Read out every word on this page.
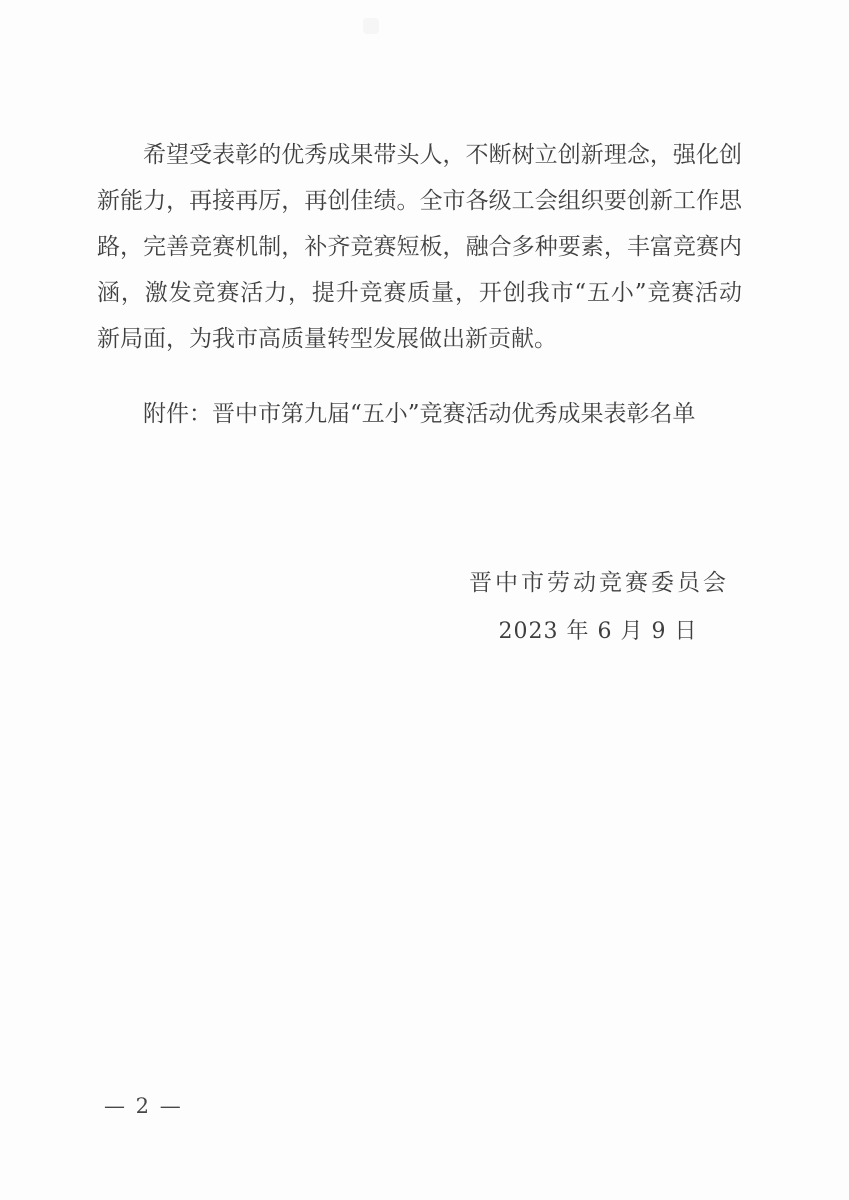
希望受表彰的优秀成果带头人，不断树立创新理念，强化创
新能力，再接再厉，再创佳绩。全市各级工会组织要创新工作思
路，完善竞赛机制，补齐竞赛短板，融合多种要素，丰富竞赛内
涵，激发竞赛活力，提升竞赛质量，开创我市“五小”竞赛活动
新局面，为我市高质量转型发展做出新贡献。
附件：晋中市第九届“五小”竞赛活动优秀成果表彰名单
晋中市劳动竞赛委员会
2023 年 6 月 9 日
— 2 —
